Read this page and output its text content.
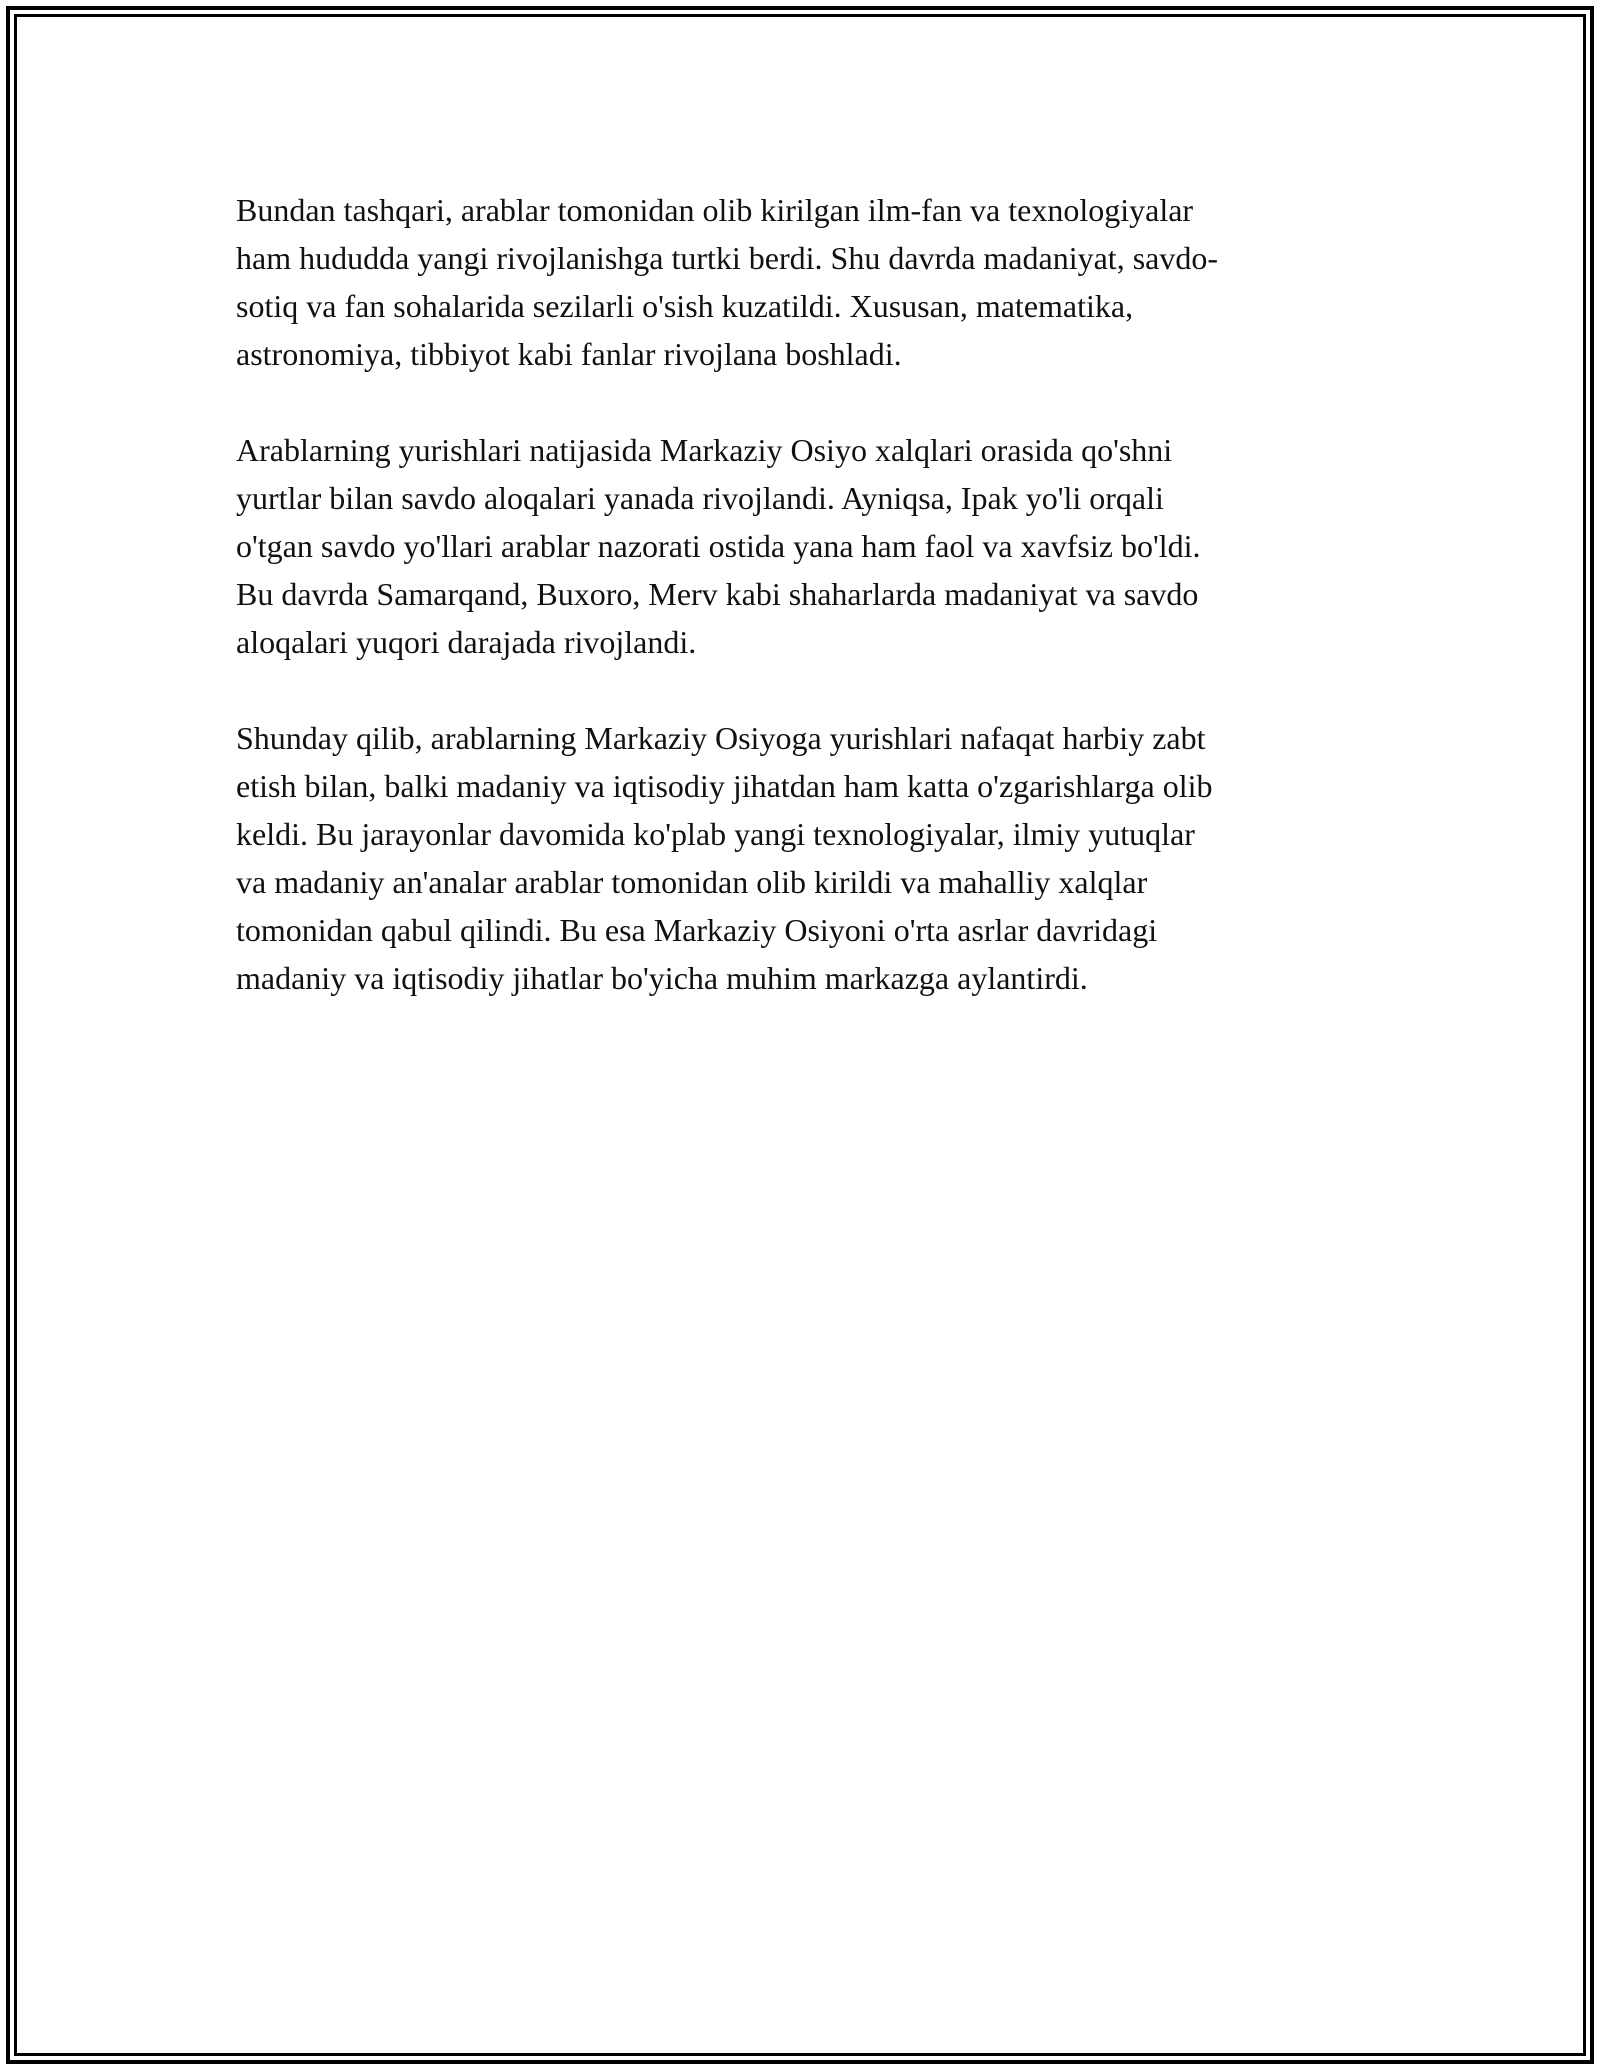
Bundan tashqari, arablar tomonidan olib kirilgan ilm-fan va texnologiyalar
ham hududda yangi rivojlanishga turtki berdi. Shu davrda madaniyat, savdo-
sotiq va fan sohalarida sezilarli o'sish kuzatildi. Xususan, matematika,
astronomiya, tibbiyot kabi fanlar rivojlana boshladi.

Arablarning yurishlari natijasida Markaziy Osiyo xalqlari orasida qo'shni
yurtlar bilan savdo aloqalari yanada rivojlandi. Ayniqsa, Ipak yo'li orqali
o'tgan savdo yo'llari arablar nazorati ostida yana ham faol va xavfsiz bo'ldi.
Bu davrda Samarqand, Buxoro, Merv kabi shaharlarda madaniyat va savdo
aloqalari yuqori darajada rivojlandi.

Shunday qilib, arablarning Markaziy Osiyoga yurishlari nafaqat harbiy zabt
etish bilan, balki madaniy va iqtisodiy jihatdan ham katta o'zgarishlarga olib
keldi. Bu jarayonlar davomida ko'plab yangi texnologiyalar, ilmiy yutuqlar
va madaniy an'analar arablar tomonidan olib kirildi va mahalliy xalqlar
tomonidan qabul qilindi. Bu esa Markaziy Osiyoni o'rta asrlar davridagi
madaniy va iqtisodiy jihatlar bo'yicha muhim markazga aylantirdi.
